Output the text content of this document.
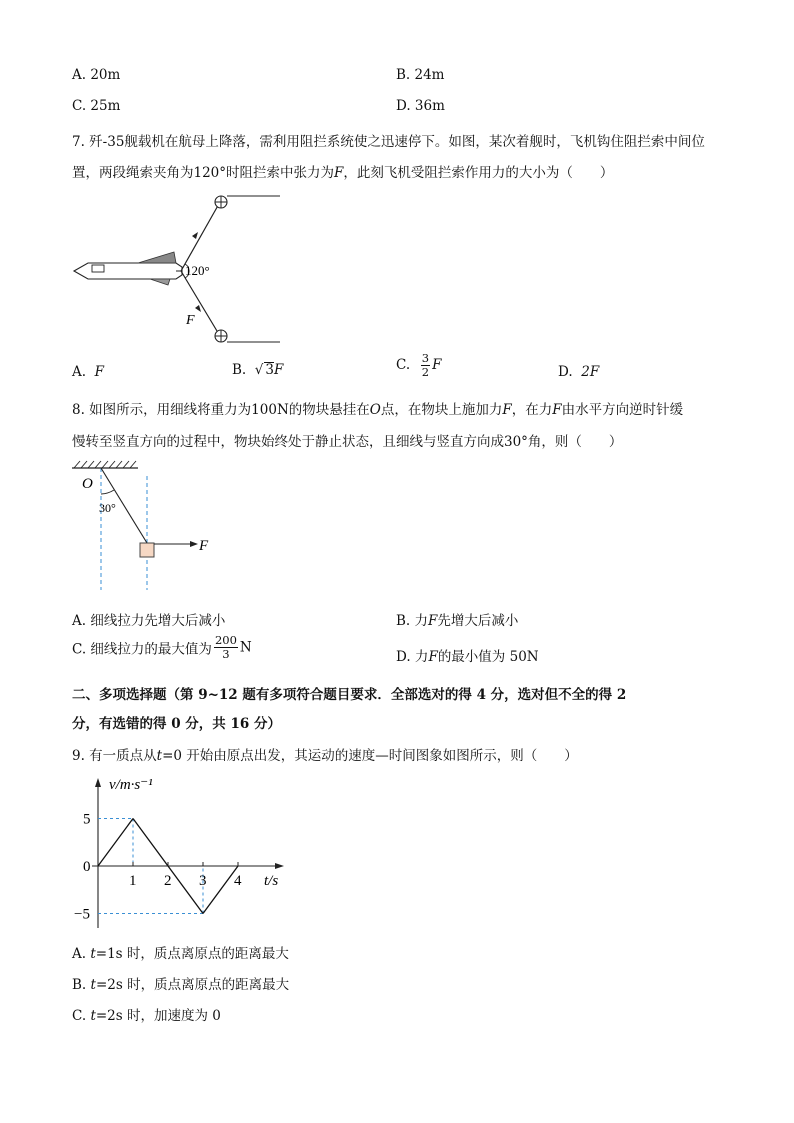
A. 20m	B. 24m
C. 25m	D. 36m
7. 歼-35舰载机在航母上降落，需利用阻拦系统使之迅速停下。如图，某次着舰时，飞机钩住阻拦索中间位
置，两段绳索夹角为120°时阻拦索中张力为F，此刻飞机受阻拦索作用力的大小为（　　）
120°
F
A. F	B.  √ 3F	C. $\frac{3}{2}$ F	D. 2F
8. 如图所示，用细线将重力为100N的物块悬挂在O点，在物块上施加力F，在力F由水平方向逆时针缓
慢转至竖直方向的过程中，物块始终处于静止状态，且细线与竖直方向成30°角，则（　　）
O
30°
F
A. 细线拉力先增大后减小	B. 力F先增大后减小
C. 细线拉力的最大值为 $\frac{200}{3}$ N
D. 力F的最小值为 50N
二、多项选择题（第 9~12 题有多项符合题目要求．全部选对的得 4 分，选对但不全的得 2
分，有选错的得 0 分，共 16 分）
9. 有一质点从t=0 开始由原点出发，其运动的速度—时间图象如图所示，则（　　）
v/m·s⁻¹
t/s
1 2 3 4
5
0
−5
A. t=1s 时，质点离原点的距离最大
B. t=2s 时，质点离原点的距离最大
C. t=2s 时，加速度为 0
